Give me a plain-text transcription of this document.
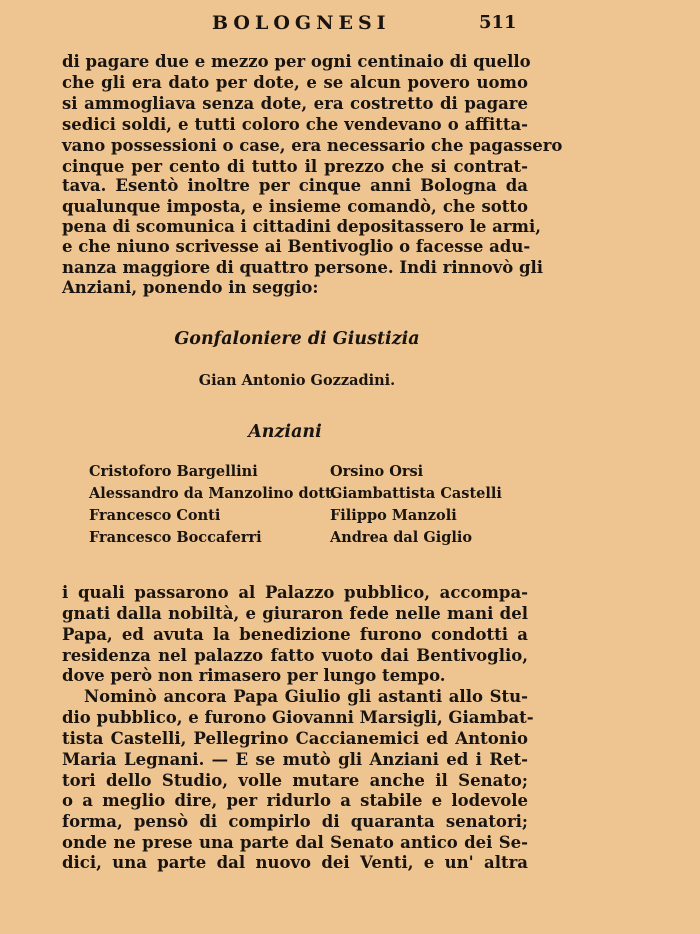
BOLOGNESI	511
di pagare due e mezzo per ogni centinaio di quello
che gli era dato per dote, e se alcun povero uomo
si ammogliava senza dote, era costretto di pagare
sedici soldi, e tutti coloro che vendevano o affitta-
vano possessioni o case, era necessario che pagassero
cinque per cento di tutto il prezzo che si contrat-
tava. Esentò inoltre per cinque anni Bologna da
qualunque imposta, e insieme comandò, che sotto
pena di scomunica i cittadini depositassero le armi,
e che niuno scrivesse ai Bentivoglio o facesse adu-
nanza maggiore di quattro persone. Indi rinnovò gli
Anziani, ponendo in seggio:
Gonfaloniere di Giustizia
Gian Antonio Gozzadini.
Anziani
Cristoforo Bargellini
Alessandro da Manzolino dott.
Francesco Conti
Francesco Boccaferri
Orsino Orsi
Giambattista Castelli
Filippo Manzoli
Andrea dal Giglio
i quali passarono al Palazzo pubblico, accompa-
gnati dalla nobiltà, e giuraron fede nelle mani del
Papa, ed avuta la benedizione furono condotti a
residenza nel palazzo fatto vuoto dai Bentivoglio,
dove però non rimasero per lungo tempo.
Nominò ancora Papa Giulio gli astanti allo Stu-
dio pubblico, e furono Giovanni Marsigli, Giambat-
tista Castelli, Pellegrino Caccianemici ed Antonio
Maria Legnani. — E se mutò gli Anziani ed i Ret-
tori dello Studio, volle mutare anche il Senato;
o a meglio dire, per ridurlo a stabile e lodevole
forma, pensò di compirlo di quaranta senatori;
onde ne prese una parte dal Senato antico dei Se-
dici, una parte dal nuovo dei Venti, e un' altra
